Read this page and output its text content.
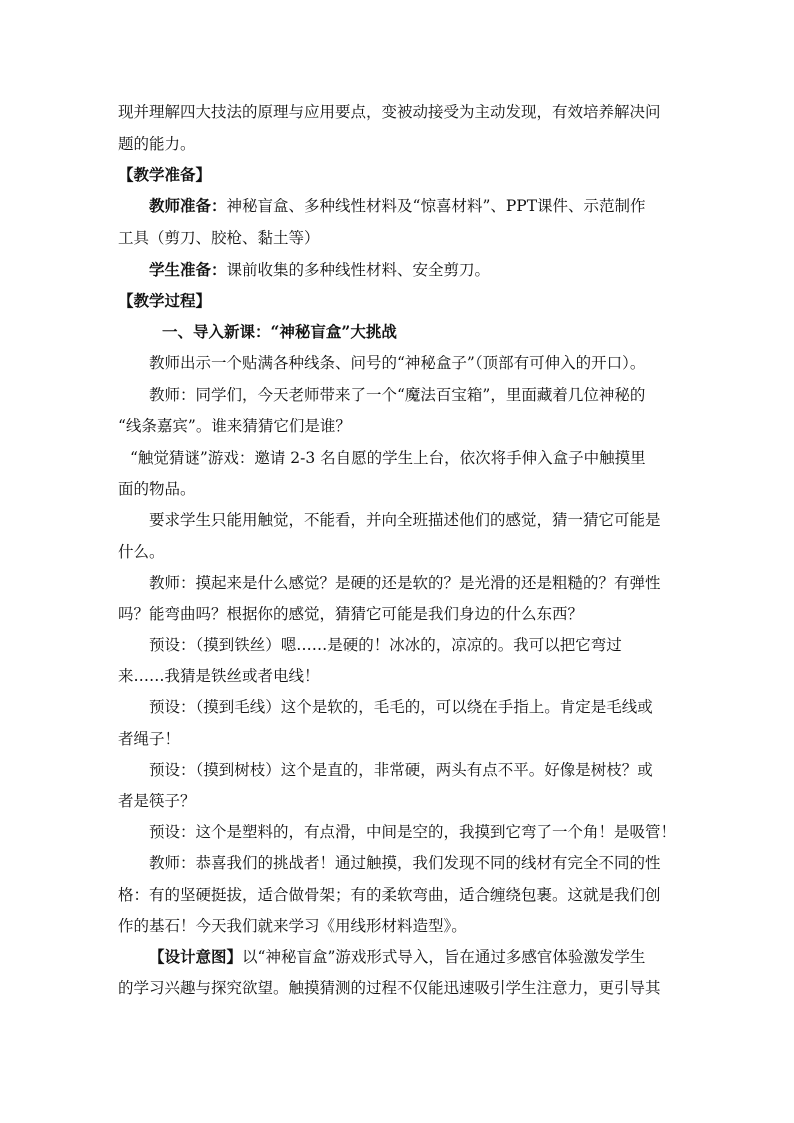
现并理解四大技法的原理与应用要点，变被动接受为主动发现，有效培养解决问
题的能力。
【教学准备】
教师准备：神秘盲盒、多种线性材料及“惊喜材料”、PPT课件、示范制作
工具（剪刀、胶枪、黏土等）
学生准备：课前收集的多种线性材料、安全剪刀。
【教学过程】
一、导入新课：“神秘盲盒”大挑战
教师出示一个贴满各种线条、问号的“神秘盒子”（顶部有可伸入的开口）。
教师：同学们，今天老师带来了一个“魔法百宝箱”，里面藏着几位神秘的
“线条嘉宾”。谁来猜猜它们是谁？
“触觉猜谜”游戏：邀请 2-3 名自愿的学生上台，依次将手伸入盒子中触摸里
面的物品。
要求学生只能用触觉，不能看，并向全班描述他们的感觉，猜一猜它可能是
什么。
教师：摸起来是什么感觉？是硬的还是软的？是光滑的还是粗糙的？有弹性
吗？能弯曲吗？根据你的感觉，猜猜它可能是我们身边的什么东西？
预设：（摸到铁丝）嗯……是硬的！冰冰的，凉凉的。我可以把它弯过
来……我猜是铁丝或者电线！
预设：（摸到毛线）这个是软的，毛毛的，可以绕在手指上。肯定是毛线或
者绳子！
预设：（摸到树枝）这个是直的，非常硬，两头有点不平。好像是树枝？或
者是筷子？
预设：这个是塑料的，有点滑，中间是空的，我摸到它弯了一个角！是吸管！
教师：恭喜我们的挑战者！通过触摸，我们发现不同的线材有完全不同的性
格：有的坚硬挺拔，适合做骨架；有的柔软弯曲，适合缠绕包裹。这就是我们创
作的基石！今天我们就来学习《用线形材料造型》。
【设计意图】以“神秘盲盒”游戏形式导入，旨在通过多感官体验激发学生
的学习兴趣与探究欲望。触摸猜测的过程不仅能迅速吸引学生注意力，更引导其
